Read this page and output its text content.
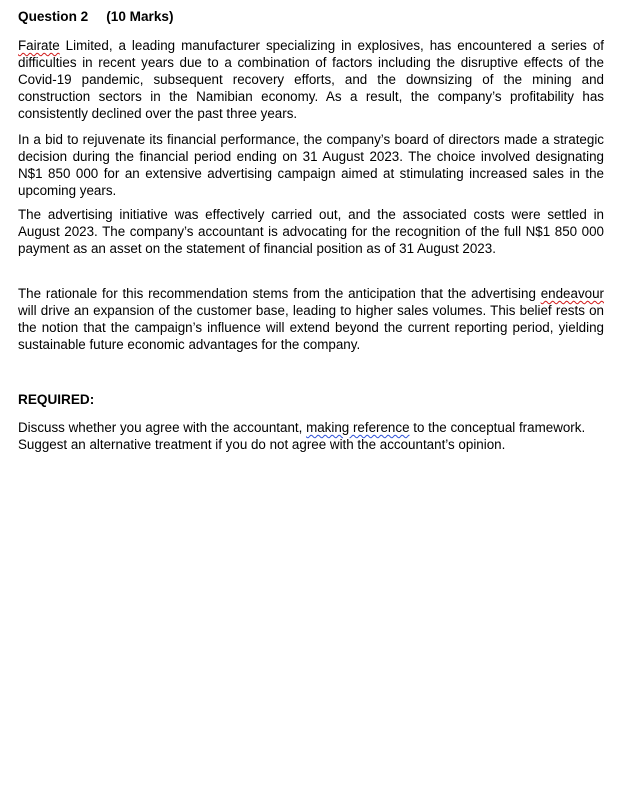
Question 2 (10 Marks)

Fairate Limited, a leading manufacturer specializing in explosives, has encountered a series of difficulties in recent years due to a combination of factors including the disruptive effects of the Covid-19 pandemic, subsequent recovery efforts, and the downsizing of the mining and construction sectors in the Namibian economy. As a result, the company’s profitability has consistently declined over the past three years.

In a bid to rejuvenate its financial performance, the company’s board of directors made a strategic decision during the financial period ending on 31 August 2023. The choice involved designating N$1 850 000 for an extensive advertising campaign aimed at stimulating increased sales in the upcoming years.

The advertising initiative was effectively carried out, and the associated costs were settled in August 2023. The company’s accountant is advocating for the recognition of the full N$1 850 000 payment as an asset on the statement of financial position as of 31 August 2023.

The rationale for this recommendation stems from the anticipation that the advertising endeavour will drive an expansion of the customer base, leading to higher sales volumes. This belief rests on the notion that the campaign’s influence will extend beyond the current reporting period, yielding sustainable future economic advantages for the company.

REQUIRED:

Discuss whether you agree with the accountant, making reference to the conceptual framework. Suggest an alternative treatment if you do not agree with the accountant’s opinion.
